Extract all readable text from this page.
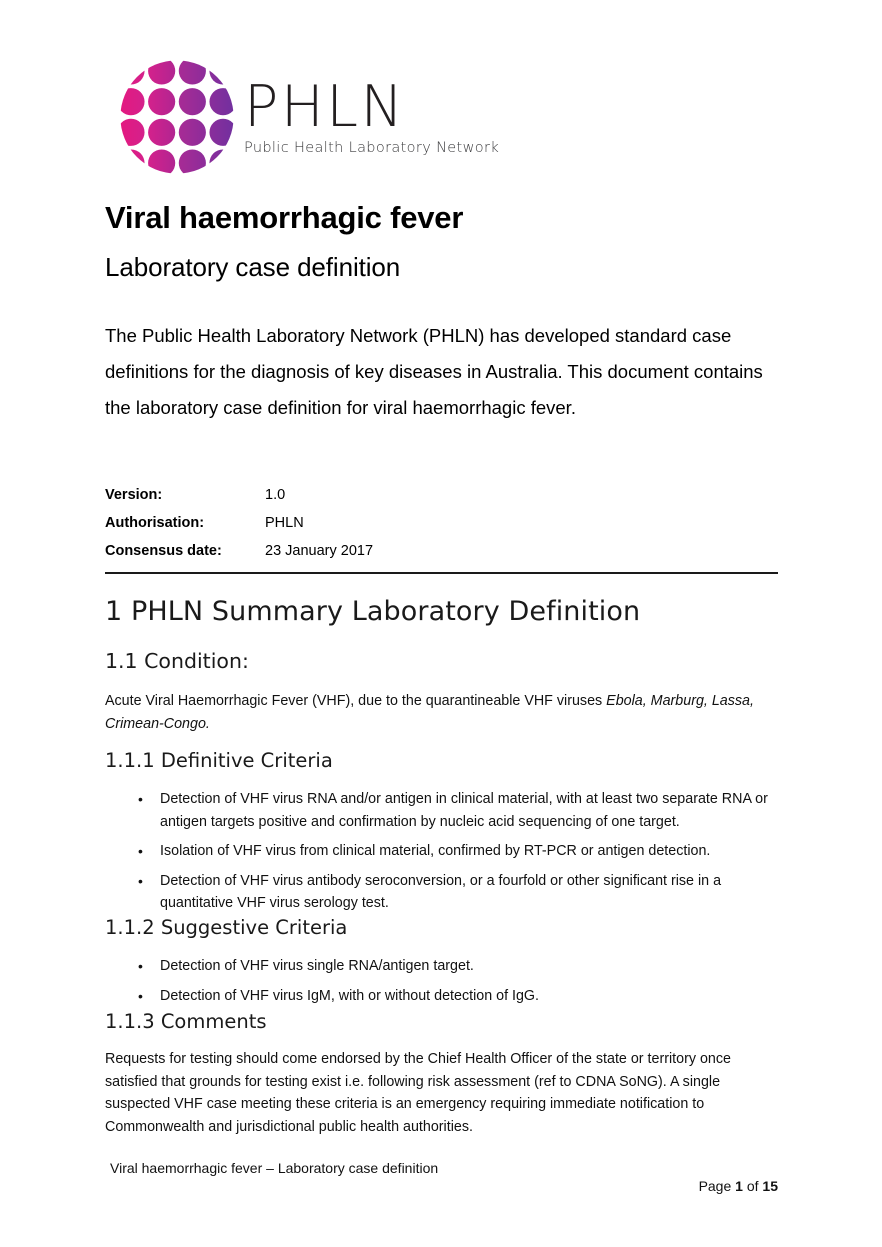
PHLN
Public Health Laboratory Network
Viral haemorrhagic fever
Laboratory case definition
The Public Health Laboratory Network (PHLN) has developed standard case definitions for the diagnosis of key diseases in Australia. This document contains the laboratory case definition for viral haemorrhagic fever.
Version:	1.0
Authorisation:	PHLN
Consensus date:	23 January 2017
1 PHLN Summary Laboratory Definition
1.1 Condition:
Acute Viral Haemorrhagic Fever (VHF), due to the quarantineable VHF viruses Ebola, Marburg, Lassa, Crimean-Congo.
1.1.1 Definitive Criteria
• Detection of VHF virus RNA and/or antigen in clinical material, with at least two separate RNA or antigen targets positive and confirmation by nucleic acid sequencing of one target.
• Isolation of VHF virus from clinical material, confirmed by RT-PCR or antigen detection.
• Detection of VHF virus antibody seroconversion, or a fourfold or other significant rise in a quantitative VHF virus serology test.
1.1.2 Suggestive Criteria
• Detection of VHF virus single RNA/antigen target.
• Detection of VHF virus IgM, with or without detection of IgG.
1.1.3 Comments
Requests for testing should come endorsed by the Chief Health Officer of the state or territory once satisfied that grounds for testing exist i.e. following risk assessment (ref to CDNA SoNG). A single suspected VHF case meeting these criteria is an emergency requiring immediate notification to Commonwealth and jurisdictional public health authorities.
Viral haemorrhagic fever – Laboratory case definition
Page 1 of 15
